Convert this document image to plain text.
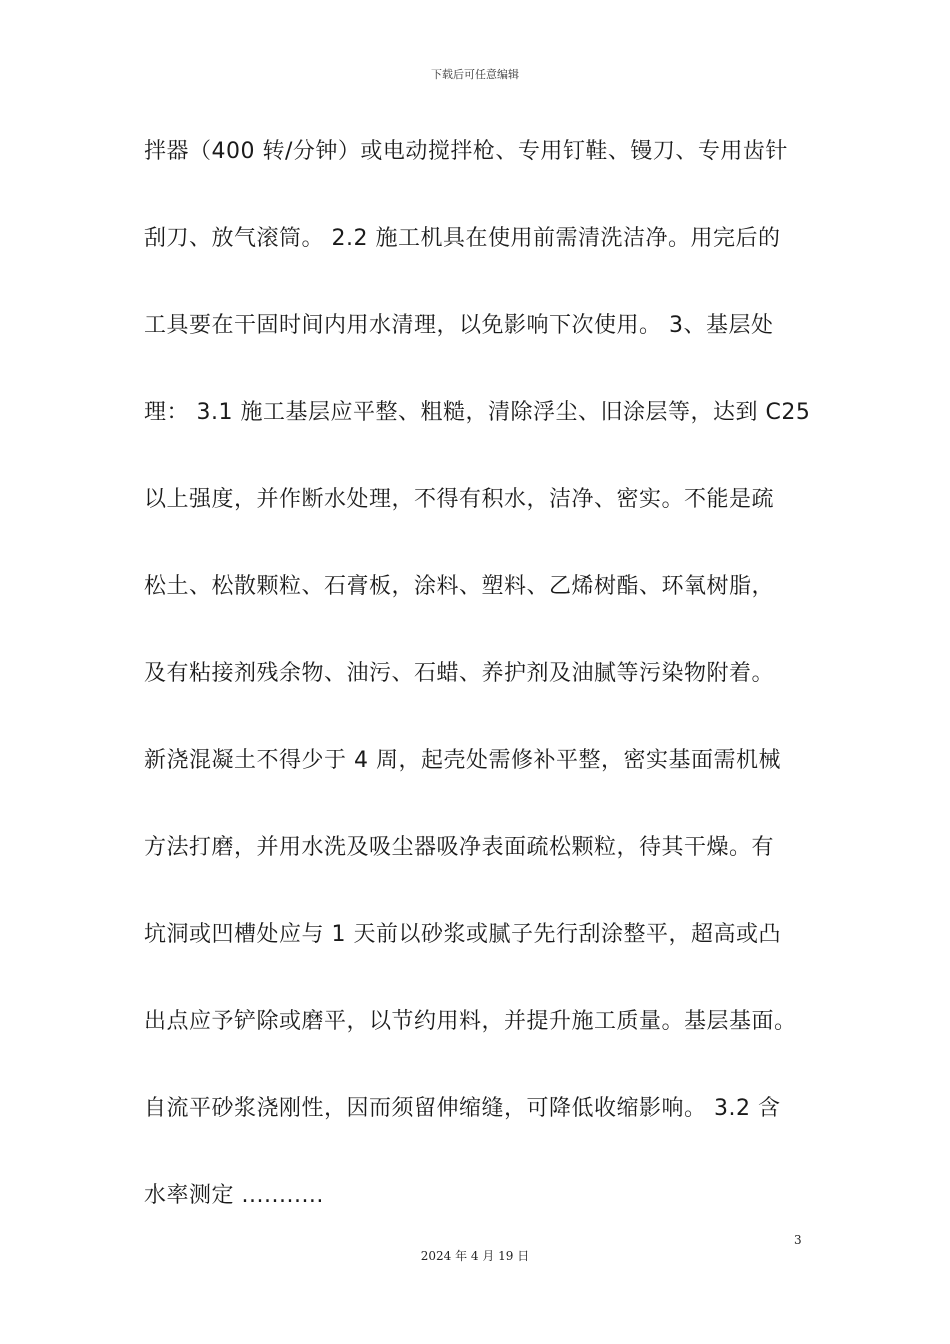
下载后可任意编辑
拌器（400 转/分钟）或电动搅拌枪、专用钉鞋、镘刀、专用齿针
刮刀、放气滚筒。 2.2 施工机具在使用前需清洗洁净。用完后的
工具要在干固时间内用水清理，以免影响下次使用。 3、基层处
理： 3.1 施工基层应平整、粗糙，清除浮尘、旧涂层等，达到 C25
以上强度，并作断水处理，不得有积水，洁净、密实。不能是疏
松土、松散颗粒、石膏板，涂料、塑料、乙烯树酯、环氧树脂，
及有粘接剂残余物、油污、石蜡、养护剂及油腻等污染物附着。
新浇混凝土不得少于 4 周，起壳处需修补平整，密实基面需机械
方法打磨，并用水洗及吸尘器吸净表面疏松颗粒，待其干燥。有
坑洞或凹槽处应与 1 天前以砂浆或腻子先行刮涂整平，超高或凸
出点应予铲除或磨平，以节约用料，并提升施工质量。基层基面。
自流平砂浆浇刚性，因而须留伸缩缝，可降低收缩影响。 3.2 含
水率测定 ...........
3
2024 年 4 月 19 日
